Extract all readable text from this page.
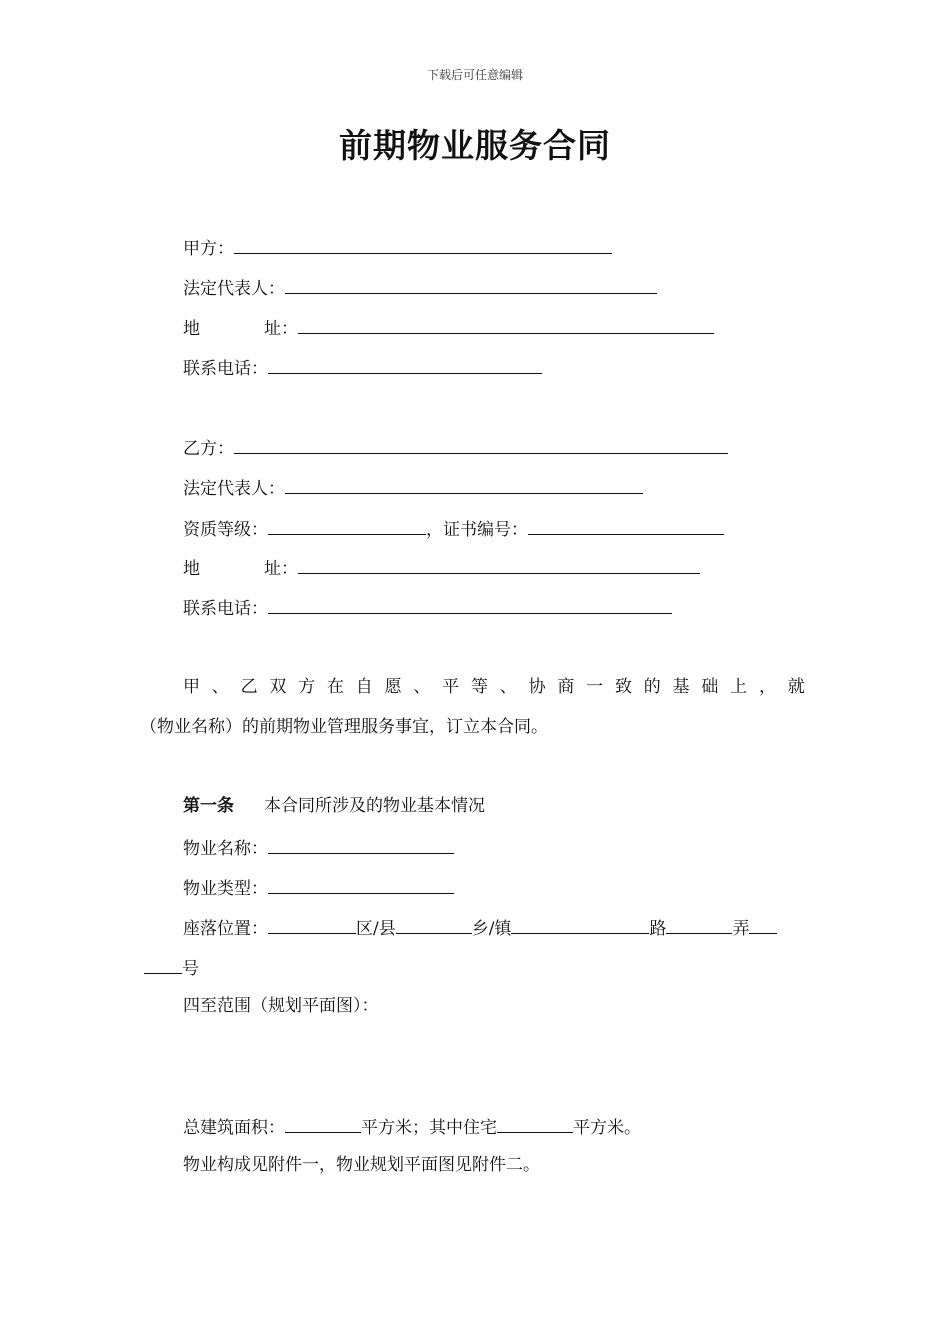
下载后可任意编辑
前期物业服务合同
甲方：
法定代表人：
地	址：
联系电话：
乙方：
法定代表人：
资质等级：	，证书编号：
地	址：
联系电话：
甲 、 乙 双 方 在 自 愿 、 平 等 、 协 商 一 致 的 基 础 上 ， 就
（物业名称）的前期物业管理服务事宜，订立本合同。
第一条 本合同所涉及的物业基本情况
物业名称：
物业类型：
座落位置：	区/县	乡/镇	路	弄
号
四至范围（规划平面图）：
总建筑面积：	平方米；其中住宅	平方米。
物业构成见附件一，物业规划平面图见附件二。
